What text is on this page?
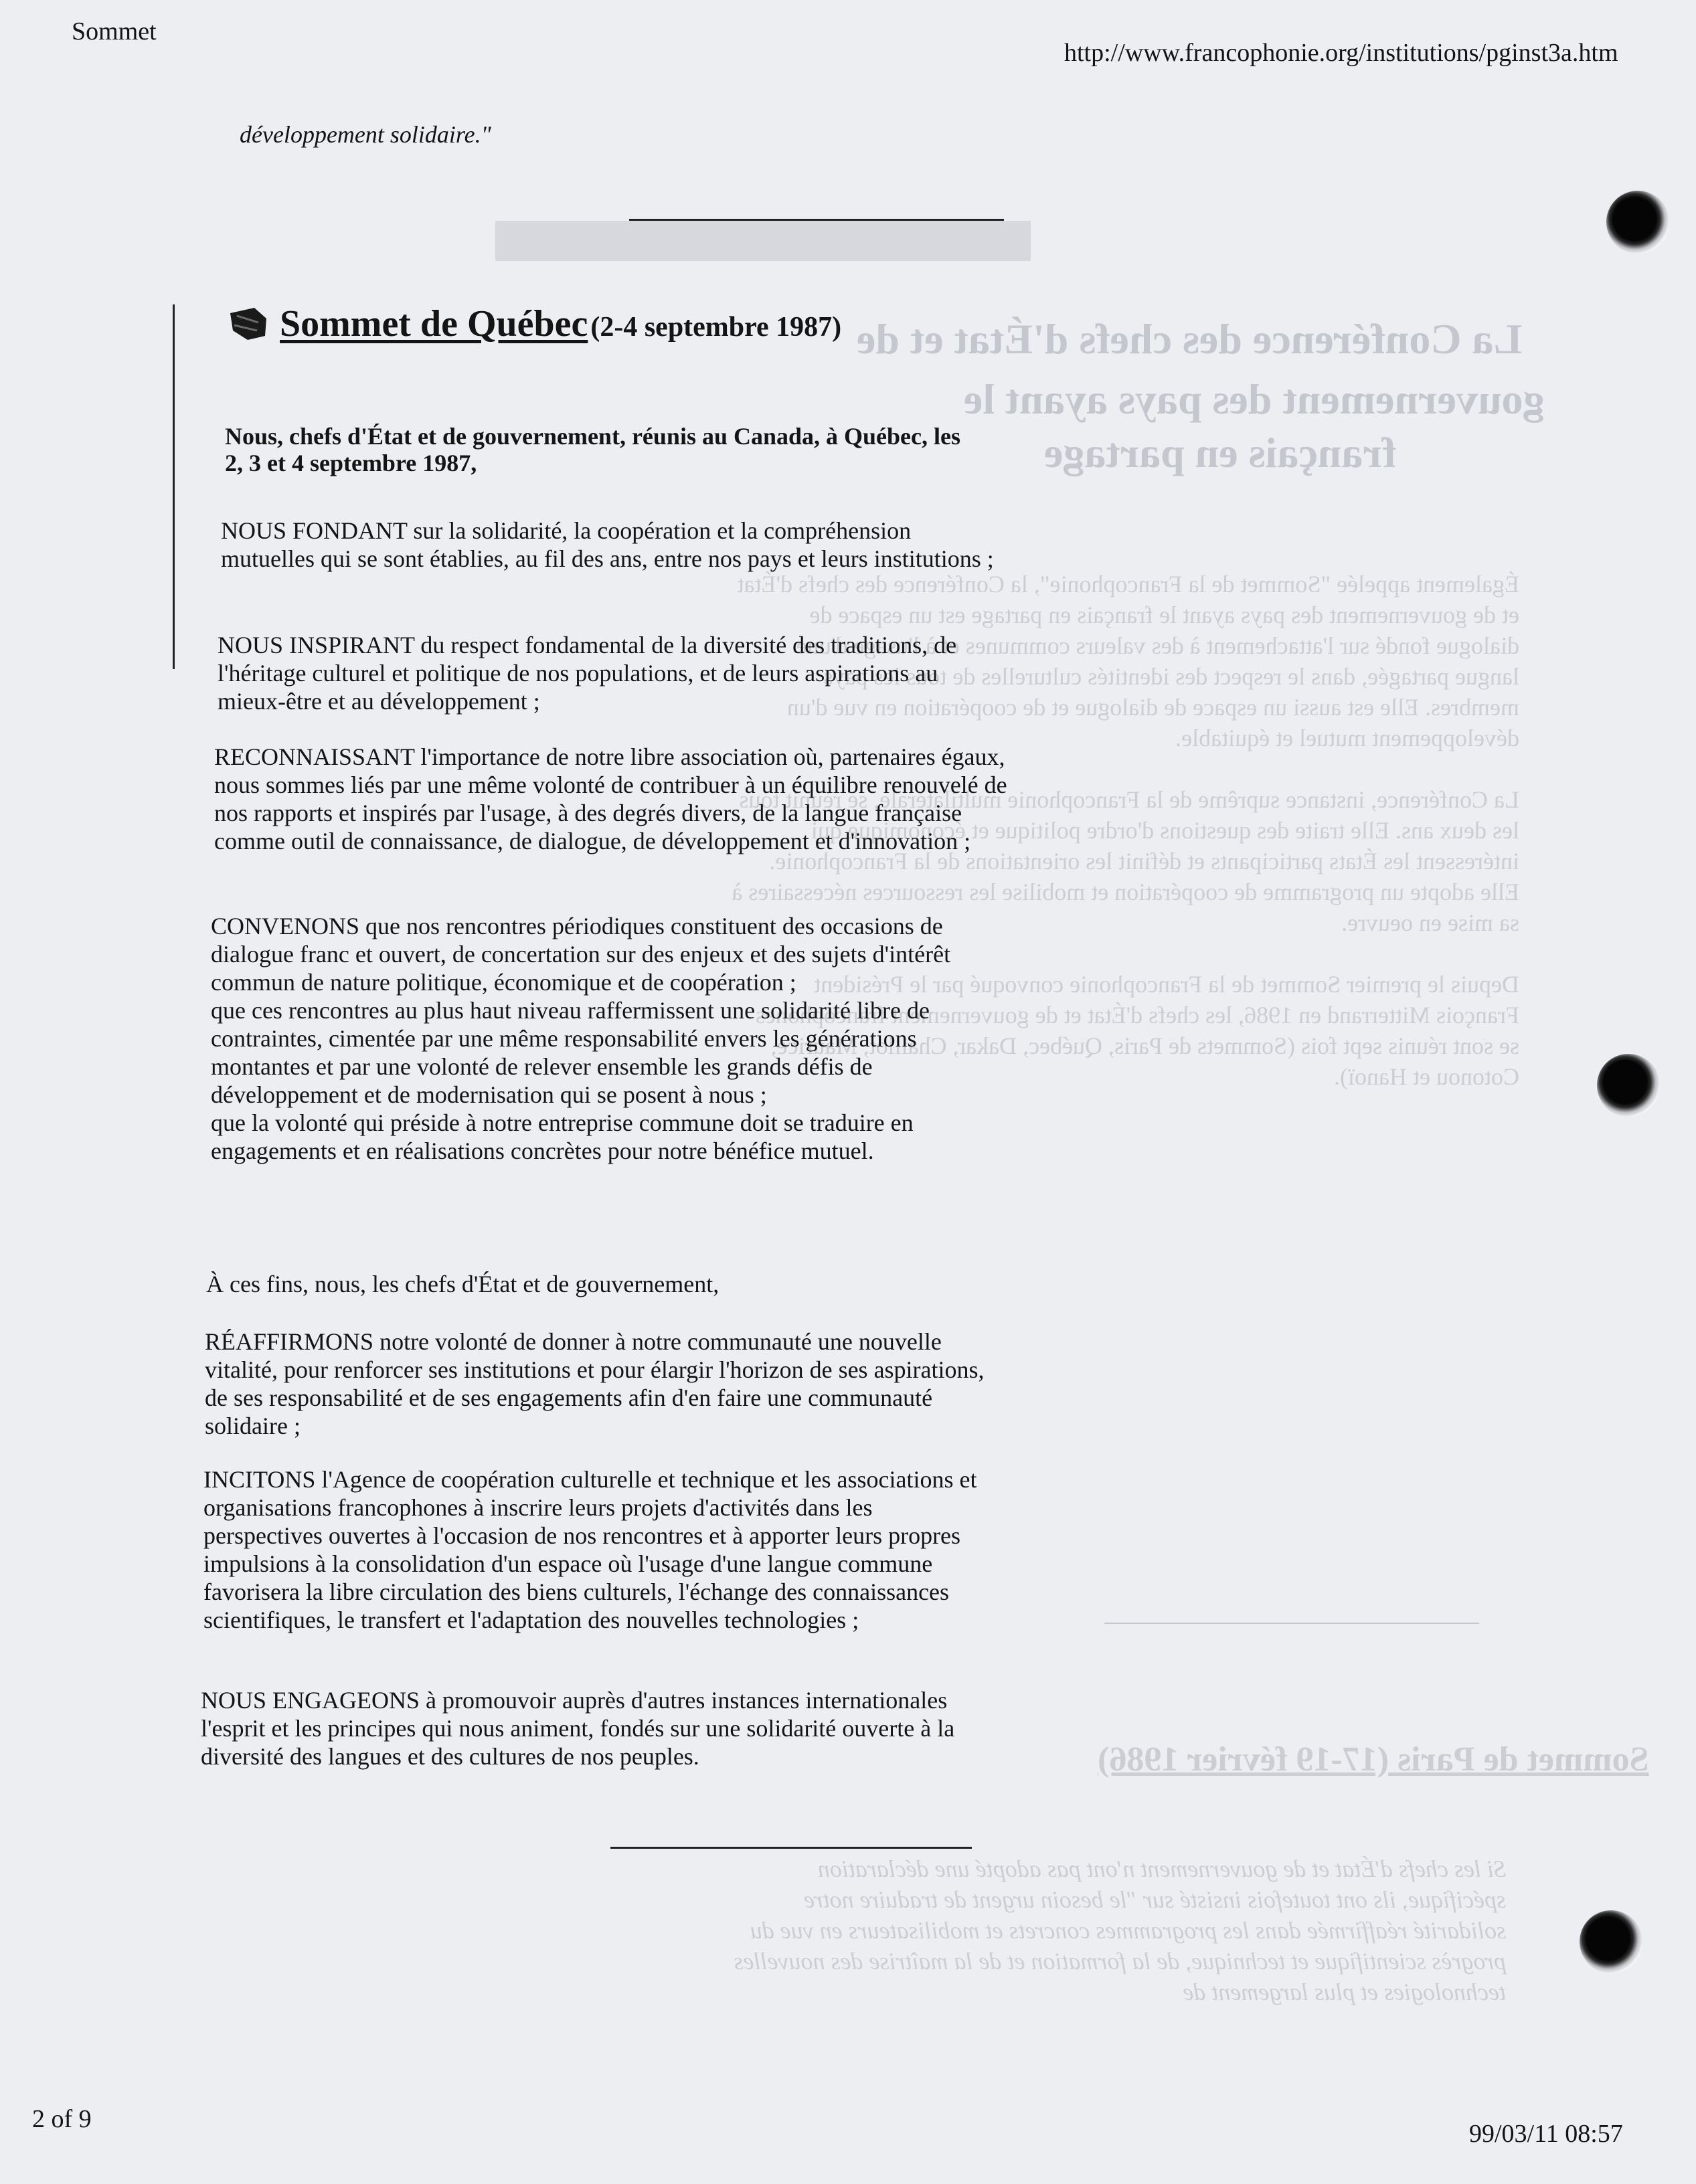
La Conférence des chefs d'État et de
gouvernement des pays ayant le
français en partage
Également appelée "Sommet de la Francophonie", la Conférence des chefs d'État et de gouvernement des pays ayant le français en partage est un espace de dialogue fondé sur l'attachement à des valeurs communes et à l'usage d'une langue partagée, dans le respect des identités culturelles de tous les pays membres. Elle est aussi un espace de dialogue et de coopération en vue d'un développement mutuel et équitable.

La Conférence, instance suprême de la Francophonie multilatérale, se réunit tous les deux ans. Elle traite des questions d'ordre politique et économique qui intéressent les États participants et définit les orientations de la Francophonie. Elle adopte un programme de coopération et mobilise les ressources nécessaires à sa mise en oeuvre.

Depuis le premier Sommet de la Francophonie convoqué par le Président François Mitterrand en 1986, les chefs d'État et de gouvernement francophones se sont réunis sept fois (Sommets de Paris, Québec, Dakar, Chaillot, Maurice, Cotonou et Hanoï).
Sommet de Paris (17-19 février 1986)
Si les chefs d'État et de gouvernement n'ont pas adopté une déclaration spécifique, ils ont toutefois insisté sur "le besoin urgent de traduire notre solidarité réaffirmée dans les programmes concrets et mobilisateurs en vue du progrès scientifique et technique, de la formation et de la maîtrise des nouvelles technologies et plus largement de
Sommet
http://www.francophonie.org/institutions/pginst3a.htm
développement solidaire."
Sommet de Québec (2-4 septembre 1987)
Nous, chefs d'État et de gouvernement, réunis au Canada, à Québec, les 2, 3 et 4 septembre 1987,

NOUS FONDANT sur la solidarité, la coopération et la compréhension mutuelles qui se sont établies, au fil des ans, entre nos pays et leurs institutions ;

NOUS INSPIRANT du respect fondamental de la diversité des traditions, de l'héritage culturel et politique de nos populations, et de leurs aspirations au mieux-être et au développement ;

RECONNAISSANT l'importance de notre libre association où, partenaires égaux, nous sommes liés par une même volonté de contribuer à un équilibre renouvelé de nos rapports et inspirés par l'usage, à des degrés divers, de la langue française comme outil de connaissance, de dialogue, de développement et d'innovation ;

CONVENONS que nos rencontres périodiques constituent des occasions de dialogue franc et ouvert, de concertation sur des enjeux et des sujets d'intérêt commun de nature politique, économique et de coopération ;

que ces rencontres au plus haut niveau raffermissent une solidarité libre de contraintes, cimentée par une même responsabilité envers les générations montantes et par une volonté de relever ensemble les grands défis de développement et de modernisation qui se posent à nous ;

que la volonté qui préside à notre entreprise commune doit se traduire en engagements et en réalisations concrètes pour notre bénéfice mutuel.

À ces fins, nous, les chefs d'État et de gouvernement,

RÉAFFIRMONS notre volonté de donner à notre communauté une nouvelle vitalité, pour renforcer ses institutions et pour élargir l'horizon de ses aspirations, de ses responsabilité et de ses engagements afin d'en faire une communauté solidaire ;

INCITONS l'Agence de coopération culturelle et technique et les associations et organisations francophones à inscrire leurs projets d'activités dans les perspectives ouvertes à l'occasion de nos rencontres et à apporter leurs propres impulsions à la consolidation d'un espace où l'usage d'une langue commune favorisera la libre circulation des biens culturels, l'échange des connaissances scientifiques, le transfert et l'adaptation des nouvelles technologies ;

NOUS ENGAGEONS à promouvoir auprès d'autres instances internationales l'esprit et les principes qui nous animent, fondés sur une solidarité ouverte à la diversité des langues et des cultures de nos peuples.

2 of 9
99/03/11 08:57
